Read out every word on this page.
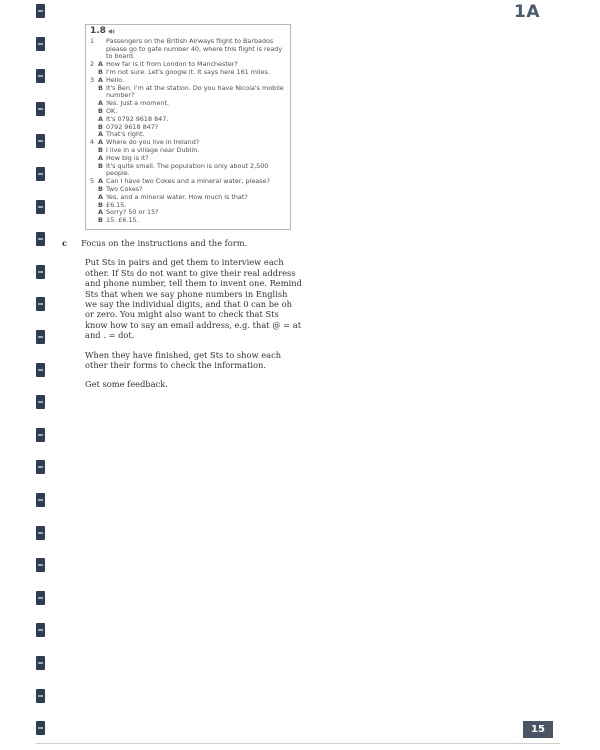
1A
1.8
1	Passengers on the British Airways flight to Barbados please go to gate number 40, where this flight is ready to board.
2 A How far is it from London to Manchester?
B I'm not sure. Let's google it. It says here 161 miles.
3 A Hello.
B It's Ben. I'm at the station. Do you have Nicola's mobile number?
A Yes. Just a moment.
B OK.
A It's 0792 9618 847.
B 0792 9618 847?
A That's right.
4 A Where do you live in Ireland?
B I live in a village near Dublin.
A How big is it?
B It's quite small. The population is only about 2,500 people.
5 A Can I have two Cokes and a mineral water, please?
B Two Cokes?
A Yes, and a mineral water. How much is that?
B £6.15.
A Sorry? 50 or 15?
B 15. £6.15.
c Focus on the instructions and the form.
Put Sts in pairs and get them to interview each other. If Sts do not want to give their real address and phone number, tell them to invent one. Remind Sts that when we say phone numbers in English we say the individual digits, and that 0 can be oh or zero. You might also want to check that Sts know how to say an email address, e.g. that @ = at and . = dot.
When they have finished, get Sts to show each other their forms to check the information.
Get some feedback.
15
